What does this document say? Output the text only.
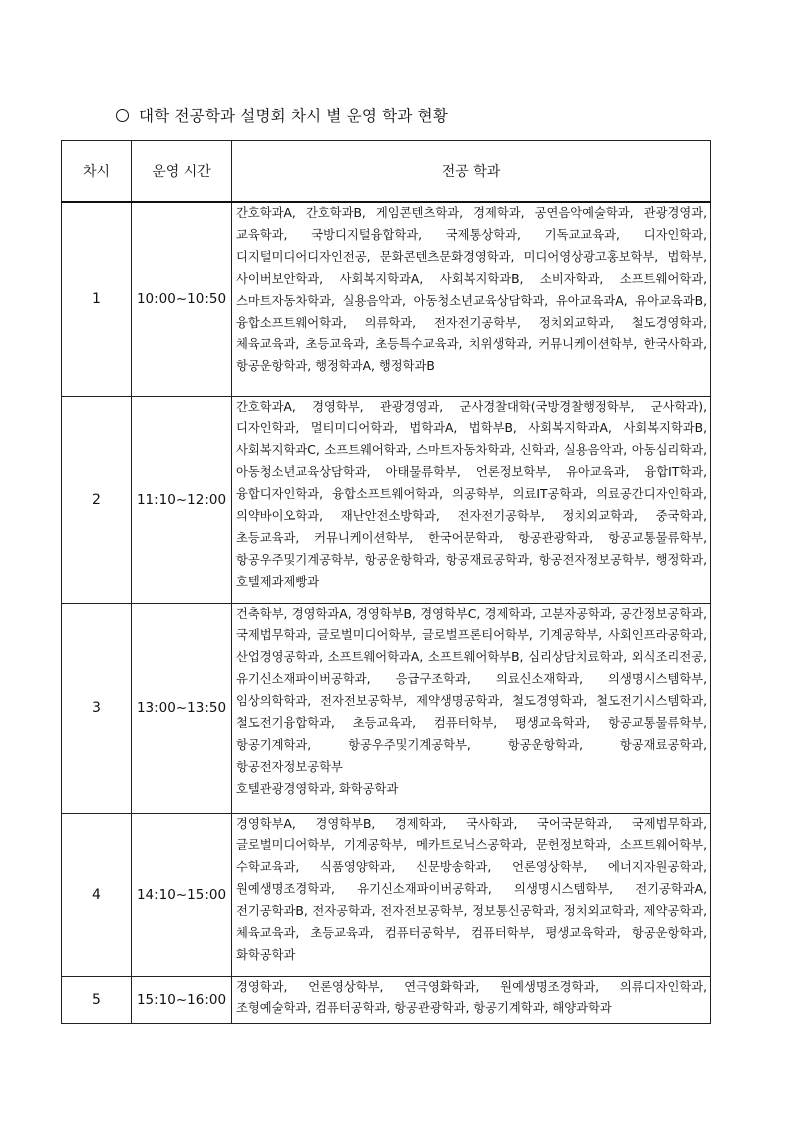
대학 전공학과 설명회 차시 별 운영 학과 현황
차시	운영 시간	전공 학과
1	10:00~10:50	간호학과A, 간호학과B, 게임콘텐츠학과, 경제학과, 공연음악예술학과, 관광경영과, 교육학과, 국방디지털융합학과, 국제통상학과, 기독교교육과, 디자인학과, 디지털미디어디자인전공, 문화콘텐츠문화경영학과, 미디어영상광고홍보학부, 법학부, 사이버보안학과, 사회복지학과A, 사회복지학과B, 소비자학과, 소프트웨어학과, 스마트자동차학과, 실용음악과, 아동청소년교육상담학과, 유아교육과A, 유아교육과B, 융합소프트웨어학과, 의류학과, 전자전기공학부, 정치외교학과, 철도경영학과, 체육교육과, 초등교육과, 초등특수교육과, 치위생학과, 커뮤니케이션학부, 한국사학과, 항공운항학과, 행정학과A, 행정학과B
2	11:10~12:00	간호학과A, 경영학부, 관광경영과, 군사경찰대학(국방경찰행정학부, 군사학과), 디자인학과, 멀티미디어학과, 법학과A, 법학부B, 사회복지학과A, 사회복지학과B, 사회복지학과C, 소프트웨어학과, 스마트자동차학과, 신학과, 실용음악과, 아동심리학과, 아동청소년교육상담학과, 아태물류학부, 언론정보학부, 유아교육과, 융합IT학과, 융합디자인학과, 융합소프트웨어학과, 의공학부, 의료IT공학과, 의료공간디자인학과, 의약바이오학과, 재난안전소방학과, 전자전기공학부, 정치외교학과, 중국학과, 초등교육과, 커뮤니케이션학부, 한국어문학과, 항공관광학과, 항공교통물류학부, 항공우주및기계공학부, 항공운항학과, 항공재료공학과, 항공전자정보공학부, 행정학과, 호텔제과제빵과
3	13:00~13:50	건축학부, 경영학과A, 경영학부B, 경영학부C, 경제학과, 고분자공학과, 공간정보공학과, 국제법무학과, 글로벌미디어학부, 글로벌프론티어학부, 기계공학부, 사회인프라공학과, 산업경영공학과, 소프트웨어학과A, 소프트웨어학부B, 심리상담치료학과, 외식조리전공, 유기신소재파이버공학과, 응급구조학과, 의료신소재학과, 의생명시스템학부, 임상의학학과, 전자전보공학부, 제약생명공학과, 철도경영학과, 철도전기시스템학과, 철도전기융합학과, 초등교육과, 컴퓨터학부, 평생교육학과, 항공교통물류학부, 항공기계학과, 항공우주및기계공학부, 항공운항학과, 항공재료공학과, 항공전자정보공학부
호텔관광경영학과, 화학공학과

4	14:10~15:00	경영학부A, 경영학부B, 경제학과, 국사학과, 국어국문학과, 국제법무학과, 글로벌미디어학부, 기계공학부, 메카트로닉스공학과, 문헌정보학과, 소프트웨어학부, 수학교육과, 식품영양학과, 신문방송학과, 언론영상학부, 에너지자원공학과, 원예생명조경학과, 유기신소재파이버공학과, 의생명시스템학부, 전기공학과A, 전기공학과B, 전자공학과, 전자전보공학부, 정보통신공학과, 정치외교학과, 제약공학과, 체육교육과, 초등교육과, 컴퓨터공학부, 컴퓨터학부, 평생교육학과, 항공운항학과, 화학공학과
5	15:10~16:00	경영학과, 언론영상학부, 연극영화학과, 원예생명조경학과, 의류디자인학과, 조형예술학과, 컴퓨터공학과, 항공관광학과, 항공기계학과, 해양과학과
